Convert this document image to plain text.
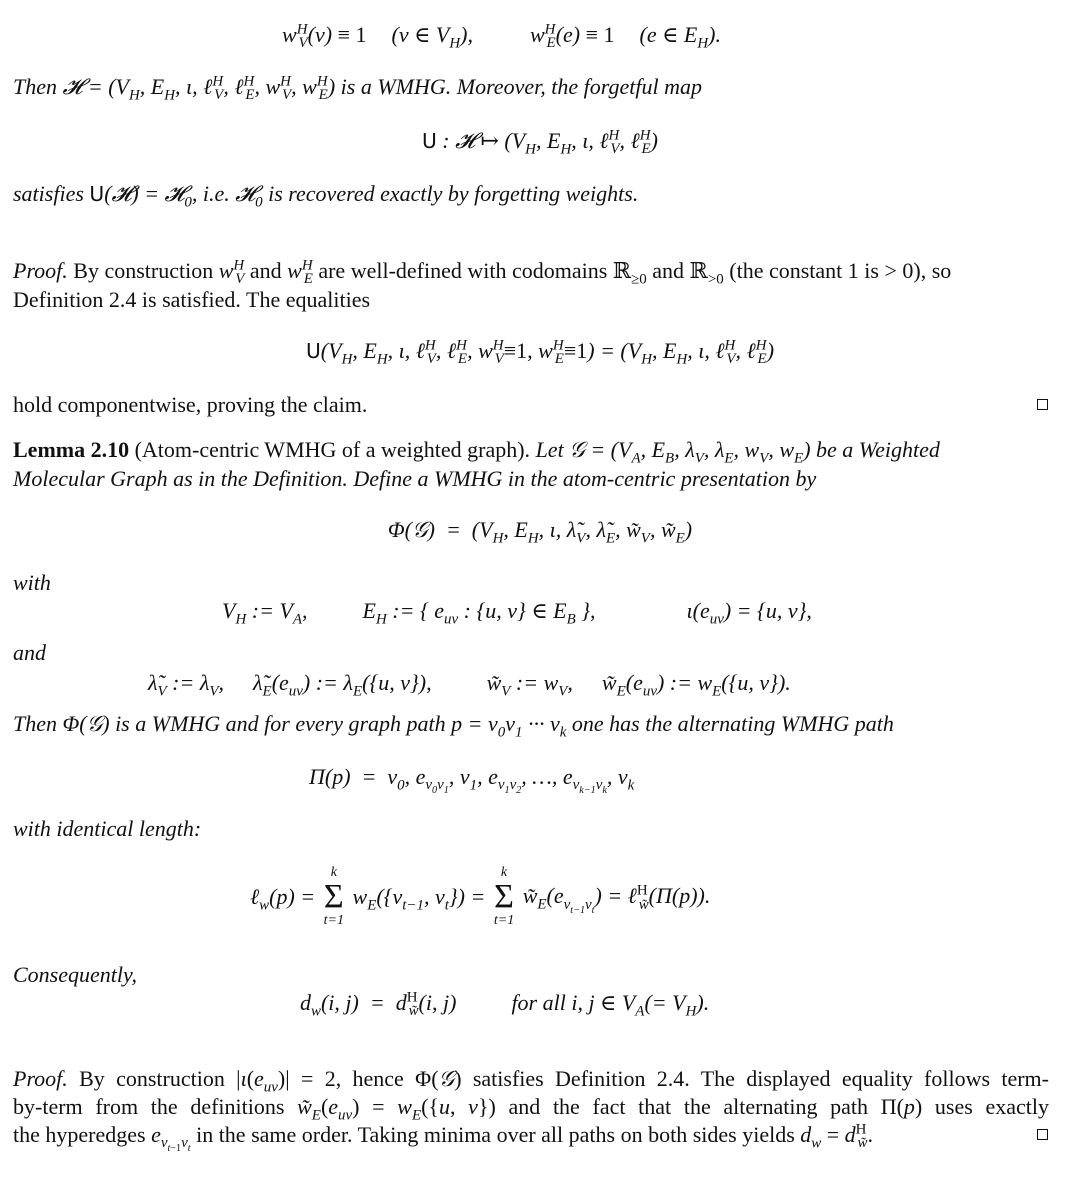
$w^H_V(v) \equiv 1$ (v ∈ $V_H$),	$w^H_E(e) \equiv 1$ (e ∈ $E_H$).
Then 𝓗 = ($V_H$, $E_H$, ι, ℓ$^H_V$, ℓ$^H_E$, $w^H_V$, $w^H_E$) is a WMHG. Moreover, the forgetful map
U : 𝓗 ↦ ($V_H$, $E_H$, ι, ℓ$^H_V$, ℓ$^H_E$)
satisfies U(𝓗) = 𝓗$_0$, i.e. 𝓗$_0$ is recovered exactly by forgetting weights.
Proof. By construction $w^H_V$ and $w^H_E$ are well-defined with codomains ℝ$_{\ge 0}$ and ℝ$_{>0}$ (the constant 1 is > 0), so
Definition 2.4 is satisfied. The equalities
$U(V_H$, $E_H$, ι, ℓ$^H_V$, ℓ$^H_E$, $w^H_V\equiv 1$, $w^H_E\equiv 1) = (V_H$, $E_H$, ι, ℓ$^H_V$, ℓ$^H_E$)
hold componentwise, proving the claim.
Lemma 2.10 (Atom-centric WMHG of a weighted graph). Let 𝒢 = ($V_A$, $E_B$, $\lambda_V$, $\lambda_E$, $w_V$, $w_E$) be a Weighted
Molecular Graph as in the Definition. Define a WMHG in the atom-centric presentation by
Φ(𝒢)  =  ($V_H$, $E_H$, ι, $\lambdã_V$, $\lambdã_E$, $w̃_V$, $w̃_E$)
with
$V_H$ := $V_A$,	$E_H$ := { $e_{uv}$ : {u, v} ∈ $E_B$ },	$\iota(e_{uv}) = \{u$, v},
and
$\lambdã_V$ := $\lambda_V$, $\lambdã_E(e_{uv})$ := $\lambda_E(\{u$, v}),	$w̃_V$ := $w_V$, $w̃_E(e_{uv})$ := $w_E(\{u$, v}).
Then Φ(𝒢) is a WMHG and for every graph path $p = v_0v_1$ ··· $v_k$ one has the alternating WMHG path
$\Pi(p) = v_0$, $e_{v_0v_1}$, $v_1$, $e_{v_1v_2}$, …, $e_{v_{k-1}v_k}$, $v_k$
with identical length:
ℓ$_w$(p) =
k
Σ
t=1
$w_E(\{v_{t-1}$, $v_t$}) =
k
Σ
t=1
$w̃_E(e_{v_{t-1}v_t})$ = ℓ$^H_{w̃}$(Π(p)).
Consequently,
$d_w(i$, $j) = d^H_{w̃}(i$, j)	for all i, j ∈ $V_A(= V_H)$.
Proof. By construction $|\iota(e_{uv})| = 2$, hence Φ(𝒢) satisfies Definition 2.4. The displayed equality follows term-
by-term from the definitions $w̃_E(e_{uv}) = w_E(\{u$, v}) and the fact that the alternating path Π(p) uses exactly
the hyperedges $e_{v_{t-1}v_t}$ in the same order. Taking minima over all paths on both sides yields $d_w = d^H_{w̃}$.
